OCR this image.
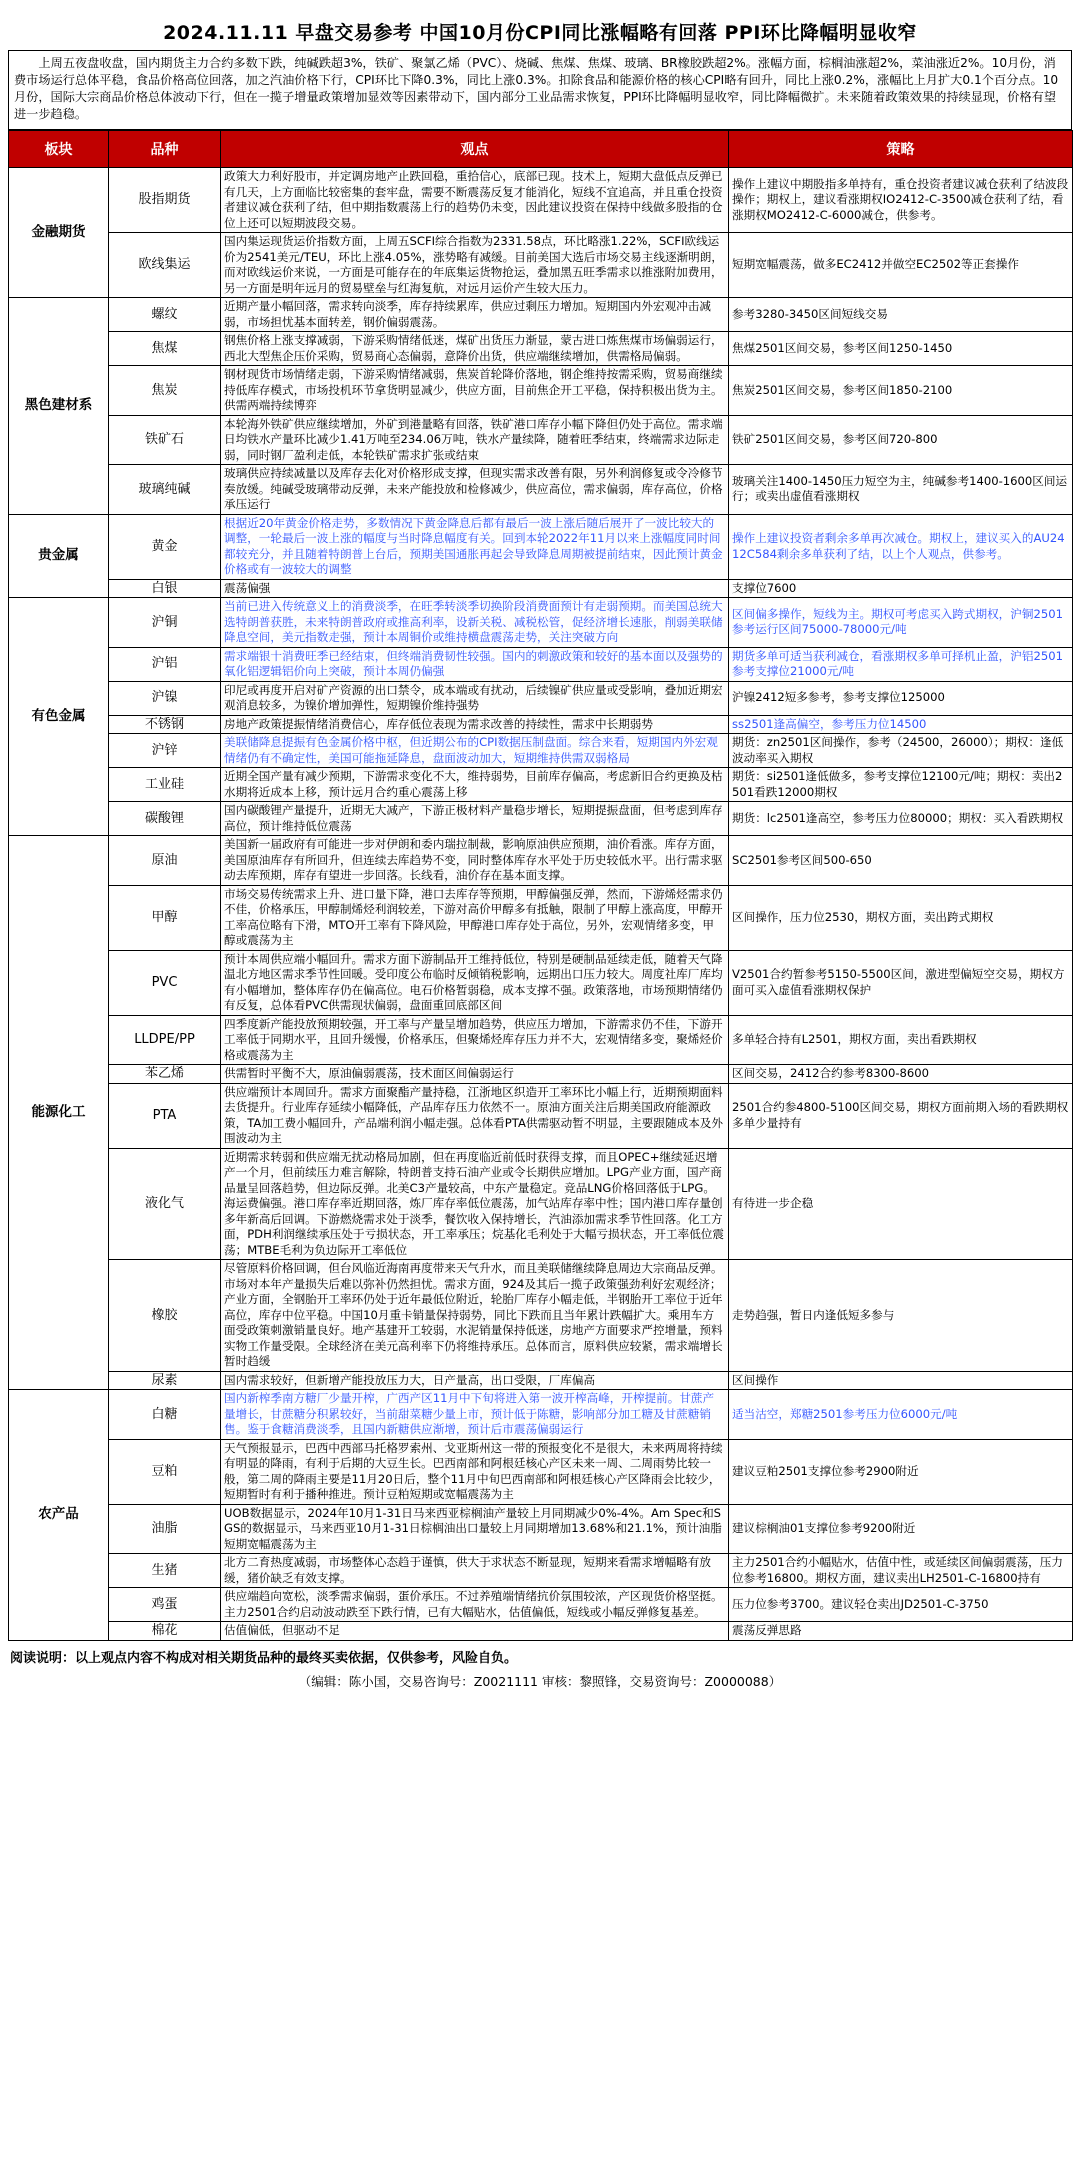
2024.11.11 早盘交易参考 中国10月份CPI同比涨幅略有回落 PPI环比降幅明显收窄
上周五夜盘收盘，国内期货主力合约多数下跌，纯碱跌超3%，铁矿、聚氯乙烯（PVC）、烧碱、焦煤、焦煤、玻璃、BR橡胶跌超2%。涨幅方面，棕榈油涨超2%，菜油涨近2%。10月份，消费市场运行总体平稳，食品价格高位回落，加之汽油价格下行，CPI环比下降0.3%，同比上涨0.3%。扣除食品和能源价格的核心CPI略有回升，同比上涨0.2%，涨幅比上月扩大0.1个百分点。10月份，国际大宗商品价格总体波动下行，但在一揽子增量政策增加显效等因素带动下，国内部分工业品需求恢复，PPI环比降幅明显收窄，同比降幅微扩。未来随着政策效果的持续显现，价格有望进一步趋稳。
板块	品种	观点	策略
金融期货	股指期货	政策大力利好股市，并定调房地产止跌回稳，重拾信心，底部已现。技术上，短期大盘低点反弹已有几天，上方面临比较密集的套牢盘，需要不断震荡反复才能消化，短线不宜追高，并且重仓投资者建议减仓获利了结，但中期指数震荡上行的趋势仍未变，因此建议投资在保持中线做多股指的仓位上还可以短期波段交易。	操作上建议中期股指多单持有，重仓投资者建议减仓获利了结波段操作；期权上，建议看涨期权IO2412-C-3500减仓获利了结，看涨期权MO2412-C-6000减仓，供参考。
	欧线集运	国内集运现货运价指数方面，上周五SCFI综合指数为2331.58点，环比略涨1.22%，SCFI欧线运价为2541美元/TEU，环比上涨4.05%，涨势略有减缓。目前美国大选后市场交易主线逐渐明朗，而对欧线运价来说，一方面是可能存在的年底集运货物抢运，叠加黑五旺季需求以推涨附加费用，另一方面是明年远月的贸易壁垒与红海复航，对远月运价产生较大压力。	短期宽幅震荡，做多EC2412并做空EC2502等正套操作
黑色建材系	螺纹	近期产量小幅回落，需求转向淡季，库存持续累库，供应过剩压力增加。短期国内外宏观冲击减弱，市场担忧基本面转差，钢价偏弱震荡。	参考3280-3450区间短线交易
	焦煤	钢焦价格上涨支撑减弱，下游采购情绪低迷，煤矿出货压力渐显，蒙古进口炼焦煤市场偏弱运行，西北大型焦企压价采购，贸易商心态偏弱，意降价出货，供应端继续增加，供需格局偏弱。	焦煤2501区间交易，参考区间1250-1450
	焦炭	钢材现货市场情绪走弱，下游采购情绪减弱，焦炭首轮降价落地，钢企维持按需采购，贸易商继续持低库存模式，市场投机环节拿货明显减少，供应方面，目前焦企开工平稳，保持积极出货为主。供需两端持续博弈	焦炭2501区间交易，参考区间1850-2100
	铁矿石	本轮海外铁矿供应继续增加，外矿到港量略有回落，铁矿港口库存小幅下降但仍处于高位。需求端日均铁水产量环比减少1.41万吨至234.06万吨，铁水产量续降，随着旺季结束，终端需求边际走弱，同时钢厂盈利走低，本轮铁矿需求扩张或结束	铁矿2501区间交易，参考区间720-800
	玻璃纯碱	玻璃供应持续减量以及库存去化对价格形成支撑，但现实需求改善有限，另外利润修复或令冷修节奏放缓。纯碱受玻璃带动反弹，未来产能投放和检修减少，供应高位，需求偏弱，库存高位，价格承压运行	玻璃关注1400-1450压力短空为主，纯碱参考1400-1600区间运行；或卖出虚值看涨期权
贵金属	黄金	根据近20年黄金价格走势，多数情况下黄金降息后都有最后一波上涨后随后展开了一波比较大的调整，一轮最后一波上涨的幅度与当时降息幅度有关。回到本轮2022年11月以来上涨幅度同时间都较充分，并且随着特朗普上台后，预期美国通胀再起会导致降息周期被提前结束，因此预计黄金价格或有一波较大的调整	操作上建议投资者剩余多单再次减仓。期权上，建议买入的AU2412C584剩余多单获利了结，以上个人观点，供参考。
	白银	震荡偏强	支撑位7600
有色金属	沪铜	当前已进入传统意义上的消费淡季，在旺季转淡季切换阶段消费面预计有走弱预期。而美国总统大选特朗普获胜，未来特朗普政府或推高利率，设新关税、减税松管，促经济增长速胀，削弱美联储降息空间，美元指数走强，预计本周铜价或维持横盘震荡走势，关注突破方向	区间偏多操作，短线为主。期权可考虑买入跨式期权，沪铜2501参考运行区间75000-78000元/吨
	沪铝	需求端银十消费旺季已经结束，但终端消费韧性较强。国内的刺激政策和较好的基本面以及强势的氧化铝逻辑铝价向上突破，预计本周仍偏强	期货多单可适当获利减仓，看涨期权多单可择机止盈，沪铝2501参考支撑位21000元/吨
	沪镍	印尼或再度开启对矿产资源的出口禁令，成本端或有扰动，后续镍矿供应量或受影响，叠加近期宏观消息较多，为镍价增加弹性，短期镍价维持强势	沪镍2412短多参考，参考支撑位125000
	不锈钢	房地产政策提振情绪消费信心，库存低位表现为需求改善的持续性，需求中长期弱势	ss2501逢高偏空，参考压力位14500
	沪锌	美联储降息提振有色金属价格中枢，但近期公布的CPI数据压制盘面。综合来看，短期国内外宏观情绪仍有不确定性，美国可能拖延降息，盘面波动加大，短期维持供需双弱格局	期货：zn2501区间操作，参考（24500，26000）；期权：逢低波动率买入期权
	工业硅	近期全国产量有减少预期，下游需求变化不大，维持弱势，目前库存偏高，考虑新旧合约更换及枯水期将近成本上移，预计远月合约重心震荡上移	期货：si2501逢低做多，参考支撑位12100元/吨；期权：卖出2501看跌12000期权
	碳酸锂	国内碳酸锂产量提升，近期无大减产，下游正极材料产量稳步增长，短期提振盘面，但考虑到库存高位，预计维持低位震荡	期货：lc2501逢高空，参考压力位80000；期权：买入看跌期权
能源化工	原油	美国新一届政府有可能进一步对伊朗和委内瑞拉制裁，影响原油供应预期，油价看涨。库存方面，美国原油库存有所回升，但连续去库趋势不变，同时整体库存水平处于历史较低水平。出行需求驱动去库预期，库存有望进一步回落。长线看，油价存在基本面支撑。	SC2501参考区间500-650
	甲醇	市场交易传统需求上升、进口量下降，港口去库存等预期，甲醇偏强反弹，然而，下游烯烃需求仍不佳，价格承压，甲醇制烯烃利润较差，下游对高价甲醇多有抵触，限制了甲醇上涨高度，甲醇开工率高位略有下滑，MTO开工率有下降风险，甲醇港口库存处于高位，另外，宏观情绪多变，甲醇或震荡为主	区间操作，压力位2530，期权方面，卖出跨式期权
	PVC	预计本周供应端小幅回升。需求方面下游制品开工维持低位，特别是硬制品延续走低，随着天气降温北方地区需求季节性回暖。受印度公布临时反倾销税影响，远期出口压力较大。周度社库厂库均有小幅增加，整体库存仍在偏高位。电石价格暂弱稳，成本支撑不强。政策落地，市场预期情绪仍有反复，总体看PVC供需现状偏弱，盘面重回底部区间	V2501合约暂参考5150-5500区间，激进型偏短空交易，期权方面可买入虚值看涨期权保护
	LLDPE/PP	四季度新产能投放预期较强，开工率与产量呈增加趋势，供应压力增加，下游需求仍不佳，下游开工率低于同期水平，且回升缓慢，价格承压，但聚烯烃库存压力并不大，宏观情绪多变，聚烯烃价格或震荡为主	多单轻合持有L2501，期权方面，卖出看跌期权
	苯乙烯	供需暂时平衡不大，原油偏弱震荡，技术面区间偏弱运行	区间交易，2412合约参考8300-8600
	PTA	供应端预计本周回升。需求方面聚酯产量持稳，江浙地区织造开工率环比小幅上行，近期预期面料去货提升。行业库存延续小幅降低，产品库存压力依然不一。原油方面关注后期美国政府能源政策，TA加工费小幅回升，产品端利润小幅走强。总体看PTA供需驱动暂不明显，主要跟随成本及外围波动为主	2501合约参4800-5100区间交易，期权方面前期入场的看跌期权多单少量持有
	液化气	近期需求转弱和供应端无扰动格局加剧，但在再度临近前低时获得支撑，而且OPEC+继续延迟增产一个月，但前续压力难言解除，特朗普支持石油产业或令长期供应增加。LPG产业方面，国产商品量呈回落趋势，但边际反弹。北美C3产量较高，中东产量稳定。竞品LNG价格回落低于LPG。海运费偏强。港口库存率近期回落，炼厂库存率低位震荡，加气站库存率中性；国内港口库存量创多年新高后回调。下游燃烧需求处于淡季，餐饮收入保持增长，汽油添加需求季节性回落。化工方面，PDH利润继续承压处于亏损状态，开工率承压；烷基化毛利处于大幅亏损状态，开工率低位震荡；MTBE毛利为负边际开工率低位	有待进一步企稳
	橡胶	尽管原料价格回调，但台风临近海南再度带来天气升水，而且美联储继续降息周边大宗商品反弹。市场对本年产量损失后难以弥补仍然担忧。需求方面，924及其后一揽子政策强劲利好宏观经济；产业方面，全钢胎开工率环仍处于近年最低位附近，轮胎厂库存小幅走低，半钢胎开工率位于近年高位，库存中位平稳。中国10月重卡销量保持弱势，同比下跌而且当年累计跌幅扩大。乘用车方面受政策刺激销量良好。地产基建开工较弱，水泥销量保持低迷，房地产方面要求严控增量，预料实物工作量受限。全球经济在美元高利率下仍将维持承压。总体而言，原料供应较紧，需求端增长暂时趋缓	走势趋强，暂日内逢低短多参与
	尿素	国内需求较好，但新增产能投放压力大，日产量高，出口受限，厂库偏高	区间操作
农产品	白糖	国内新榨季南方糖厂少量开榨，广西产区11月中下旬将进入第一波开榨高峰，开榨提前。甘蔗产量增长，甘蔗糖分积累较好，当前甜菜糖少量上市，预计低于陈糖，影响部分加工糖及甘蔗糖销售。鉴于食糖消费淡季，且国内新糖供应渐增，预计后市震荡偏弱运行	适当沽空，郑糖2501参考压力位6000元/吨
	豆粕	天气预报显示，巴西中西部马托格罗索州、戈亚斯州这一带的预报变化不是很大，未来两周将持续有明显的降雨，有利于后期的大豆生长。巴西南部和阿根廷核心产区未来一周、二周雨势比较一般，第二周的降雨主要是11月20日后，整个11月中旬巴西南部和阿根廷核心产区降雨会比较少，短期暂时有利于播种推进。预计豆粕短期或宽幅震荡为主	建议豆粕2501支撑位参考2900附近
	油脂	UOB数据显示，2024年10月1-31日马来西亚棕榈油产量较上月同期减少0%-4%。Am Spec和SGS的数据显示，马来西亚10月1-31日棕榈油出口量较上月同期增加13.68%和21.1%，预计油脂短期宽幅震荡为主	建议棕榈油01支撑位参考9200附近
	生猪	北方二育热度减弱，市场整体心态趋于谨慎，供大于求状态不断显现，短期来看需求增幅略有放缓，猪价缺乏有效支撑。	主力2501合约小幅贴水，估值中性，或延续区间偏弱震荡，压力位参考16800。期权方面，建议卖出LH2501-C-16800持有
	鸡蛋	供应端趋向宽松，淡季需求偏弱，蛋价承压。不过养殖端情绪抗价氛围较浓，产区现货价格坚挺。主力2501合约启动波动跌至下跌行情，已有大幅贴水，估值偏低，短线或小幅反弹修复基差。	压力位参考3700。建议轻仓卖出JD2501-C-3750
	棉花	估值偏低，但驱动不足	震荡反弹思路
阅读说明：以上观点内容不构成对相关期货品种的最终买卖依据，仅供参考，风险自负。
（编辑：陈小国，交易咨询号：Z0021111 审核：黎照锋，交易资询号：Z0000088）
